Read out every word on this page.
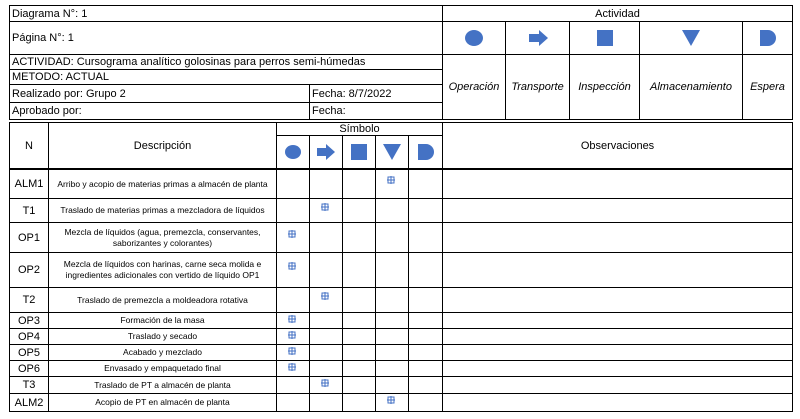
Diagrama N°: 1
Página N°: 1
ACTIVIDAD: Cursograma analítico golosinas para perros semi-húmedas
METODO: ACTUAL
Realizado por: Grupo 2	Fecha: 8/7/2022
Aprobado por:	Fecha:
Actividad
Operación Transporte Inspección Almacenamiento Espera
N	Descripción
Símbolo
Observaciones
ALM1	Arribo y acopio de materias primas a almacén de planta
T1	Traslado de materias primas a mezcladora de líquidos
OP1	Mezcla de líquidos (agua, premezcla, conservantes, saborizantes y colorantes)
OP2	Mezcla de líquidos con harinas, carne seca molida e ingredientes adicionales con vertido de líquido OP1
T2	Traslado de premezcla a moldeadora rotativa
OP3	Formación de la masa
OP4	Traslado y secado
OP5	Acabado y mezclado
OP6	Envasado y empaquetado final
T3	Traslado de PT a almacén de planta
ALM2	Acopio de PT en almacén de planta
